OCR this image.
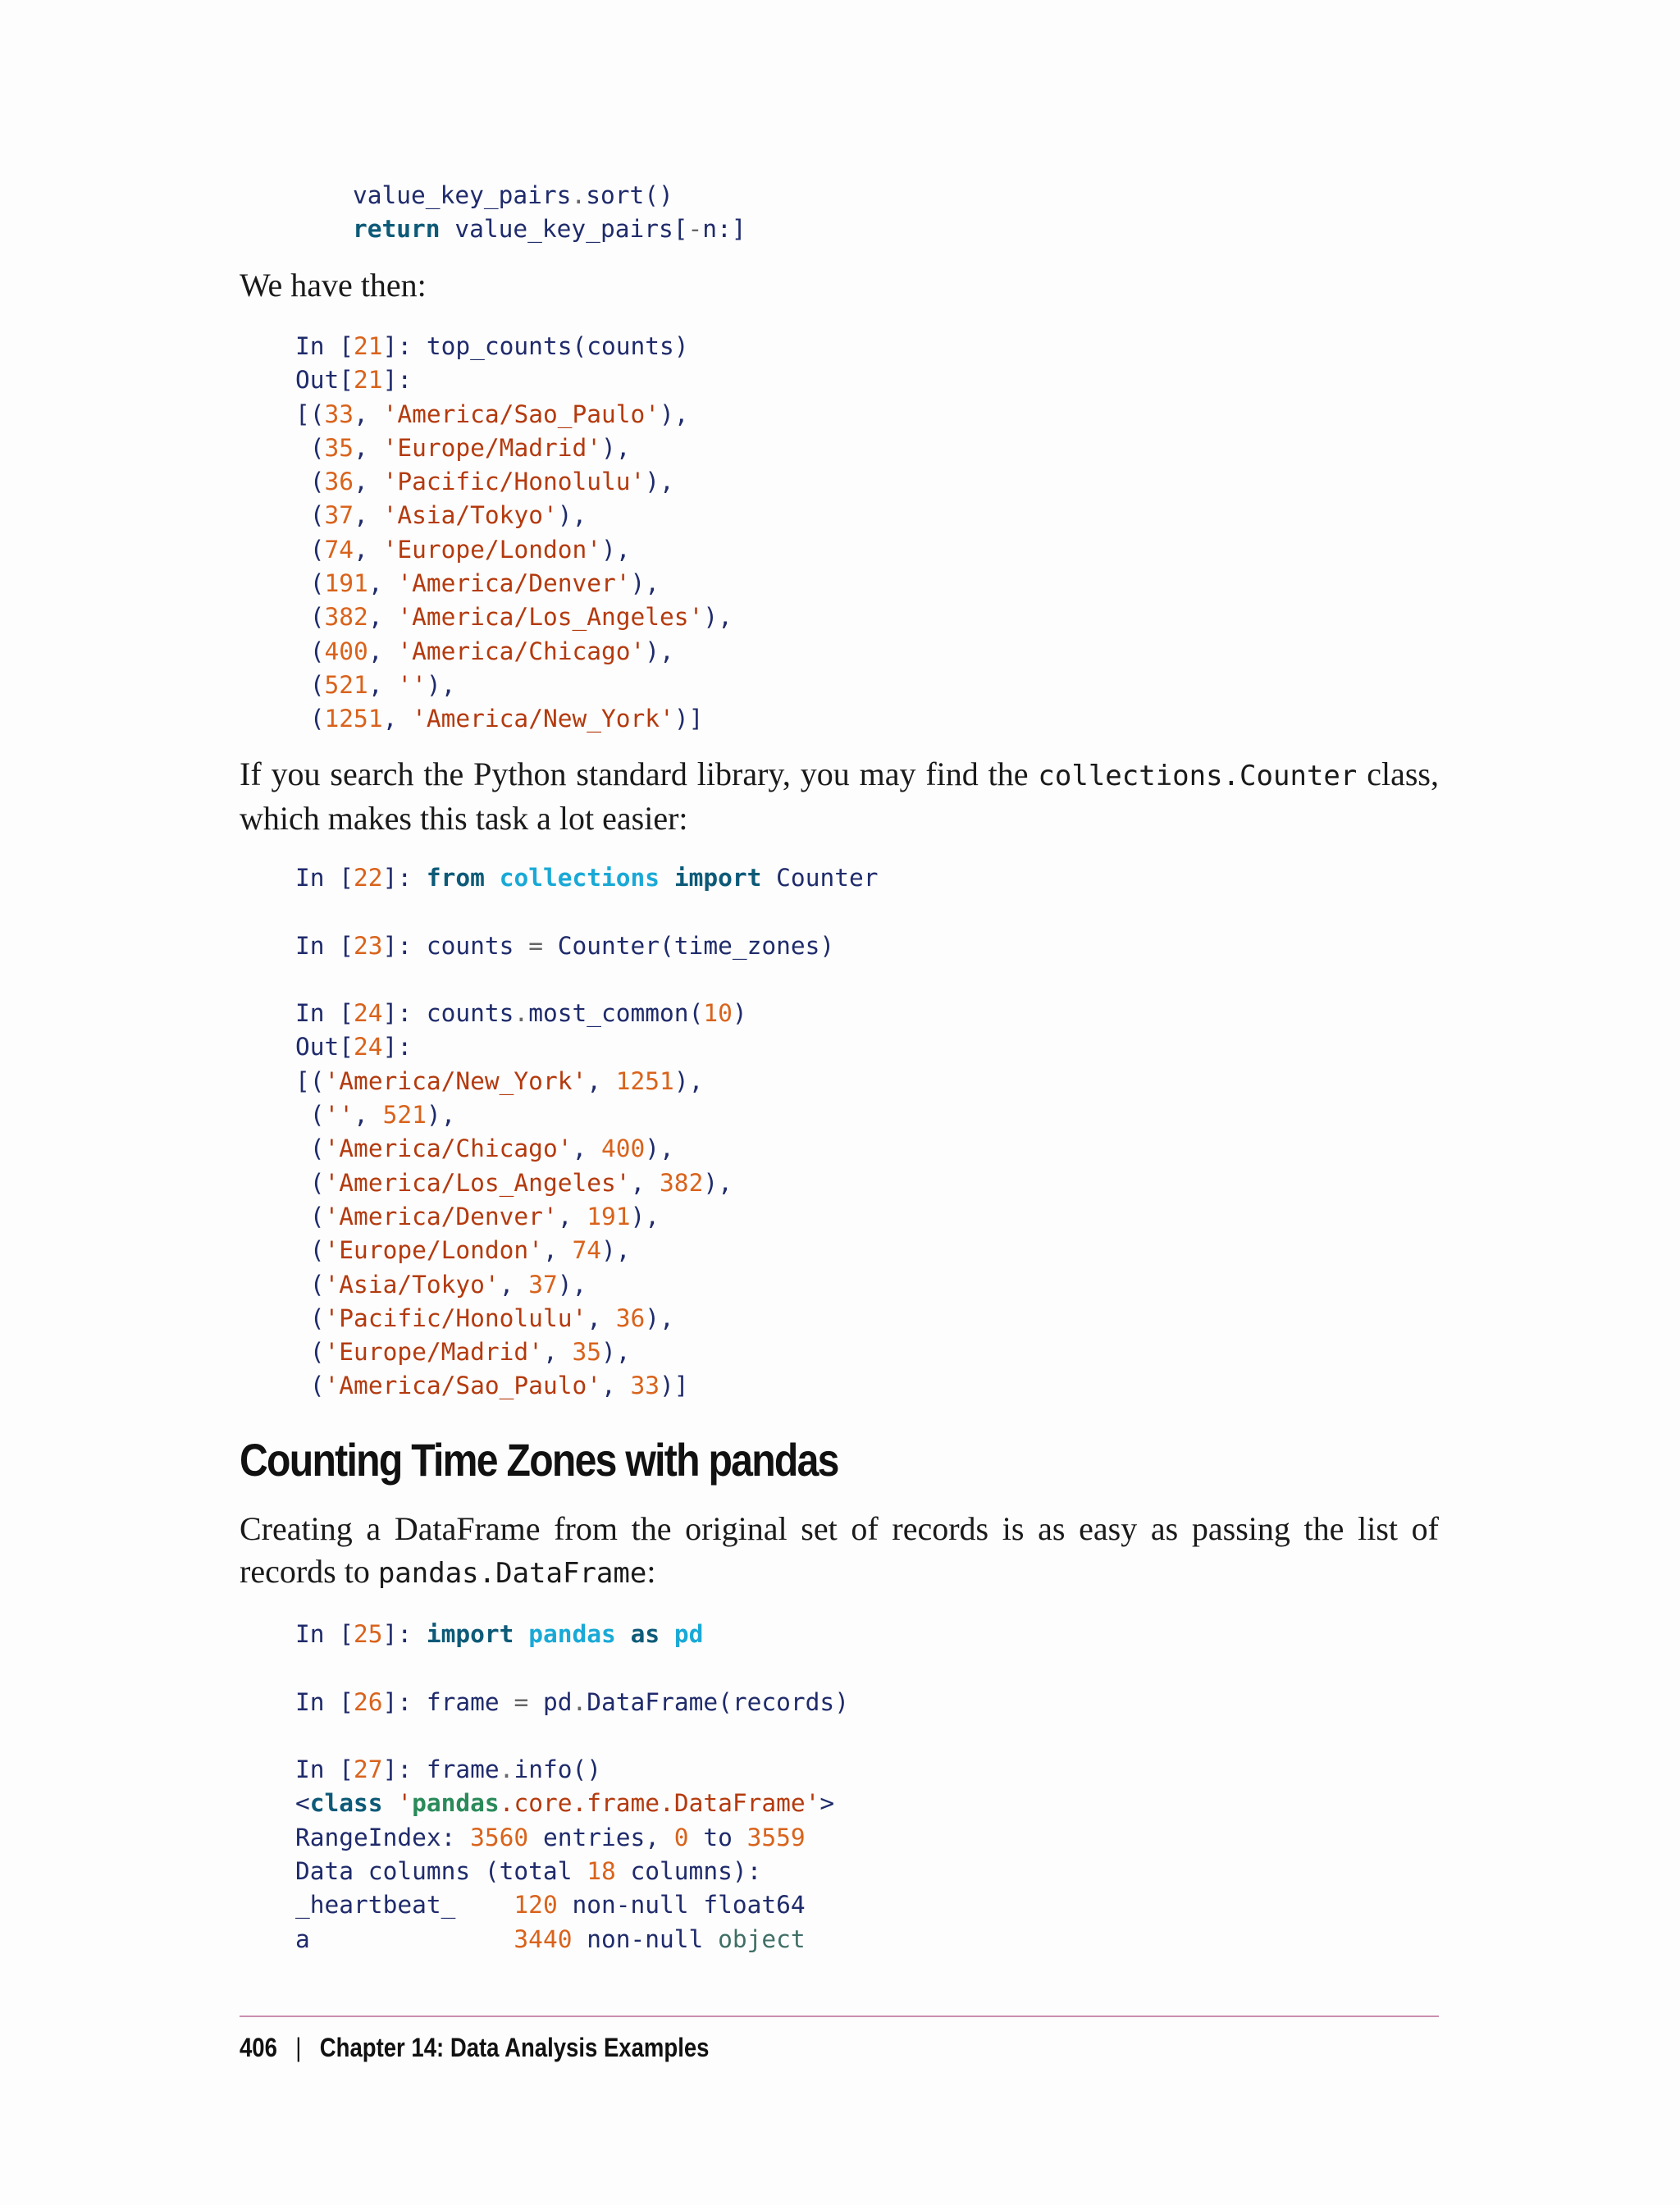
value_key_pairs.sort()
return value_key_pairs[-n:]

We have then:

In [21]: top_counts(counts)
Out[21]:
[(33, 'America/Sao_Paulo'),
(35, 'Europe/Madrid'),
(36, 'Pacific/Honolulu'),
(37, 'Asia/Tokyo'),
(74, 'Europe/London'),
(191, 'America/Denver'),
(382, 'America/Los_Angeles'),
(400, 'America/Chicago'),
(521, ''),
(1251, 'America/New_York')]

If you search the Python standard library, you may find the collections.Counter class, which makes this task a lot easier:

In [22]: from collections import Counter
In [23]: counts = Counter(time_zones)
In [24]: counts.most_common(10)
Out[24]:
[('America/New_York', 1251),
('', 521),
('America/Chicago', 400),
('America/Los_Angeles', 382),
('America/Denver', 191),
('Europe/London', 74),
('Asia/Tokyo', 37),
('Pacific/Honolulu', 36),
('Europe/Madrid', 35),
('America/Sao_Paulo', 33)]
Counting Time Zones with pandas

Creating a DataFrame from the original set of records is as easy as passing the list of records to pandas.DataFrame:

In [25]: import pandas as pd
In [26]: frame = pd.DataFrame(records)
In [27]: frame.info()
<class 'pandas.core.frame.DataFrame'>
RangeIndex: 3560 entries, 0 to 3559
Data columns (total 18 columns):
_heartbeat_    120 non-null float64
a              3440 non-null object
406 | Chapter 14: Data Analysis Examples
